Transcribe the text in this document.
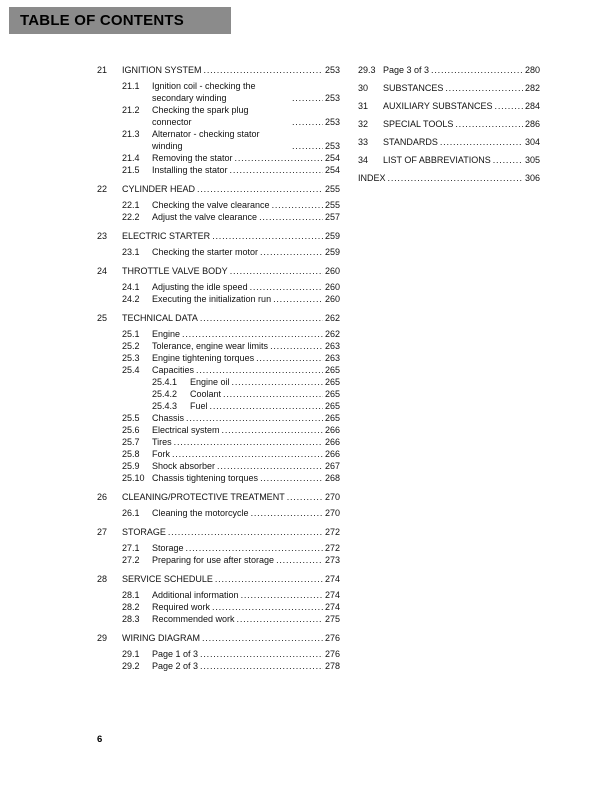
TABLE OF CONTENTS
21	IGNITION SYSTEM .....	253
21.1	Ignition coil - checking the secondary winding .....	253
21.2	Checking the spark plug connector .....	253
21.3	Alternator - checking stator winding .....	253
21.4	Removing the stator .....	254
21.5	Installing the stator .....	254
22	CYLINDER HEAD .....	255
22.1	Checking the valve clearance .....	255
22.2	Adjust the valve clearance .....	257
23	ELECTRIC STARTER .....	259
23.1	Checking the starter motor .....	259
24	THROTTLE VALVE BODY .....	260
24.1	Adjusting the idle speed .....	260
24.2	Executing the initialization run .....	260
25	TECHNICAL DATA .....	262
25.1	Engine .....	262
25.2	Tolerance, engine wear limits .....	263
25.3	Engine tightening torques .....	263
25.4	Capacities .....	265
25.4.1	Engine oil .....	265
25.4.2	Coolant .....	265
25.4.3	Fuel .....	265
25.5	Chassis .....	265
25.6	Electrical system .....	266
25.7	Tires .....	266
25.8	Fork .....	266
25.9	Shock absorber .....	267
25.10 Chassis tightening torques .....	268
26	CLEANING/PROTECTIVE TREATMENT .....	270
26.1	Cleaning the motorcycle .....	270
27	STORAGE .....	272
27.1	Storage .....	272
27.2	Preparing for use after storage .....	273
28	SERVICE SCHEDULE .....	274
28.1	Additional information .....	274
28.2	Required work .....	274
28.3	Recommended work .....	275
29	WIRING DIAGRAM .....	276
29.1	Page 1 of 3 .....	276
29.2	Page 2 of 3 .....	278
29.3 Page 3 of 3 .....	280
30	SUBSTANCES .....	282
31	AUXILIARY SUBSTANCES .....	284
32	SPECIAL TOOLS .....	286
33	STANDARDS .....	304
34	LIST OF ABBREVIATIONS .....	305
INDEX .....	306
6
